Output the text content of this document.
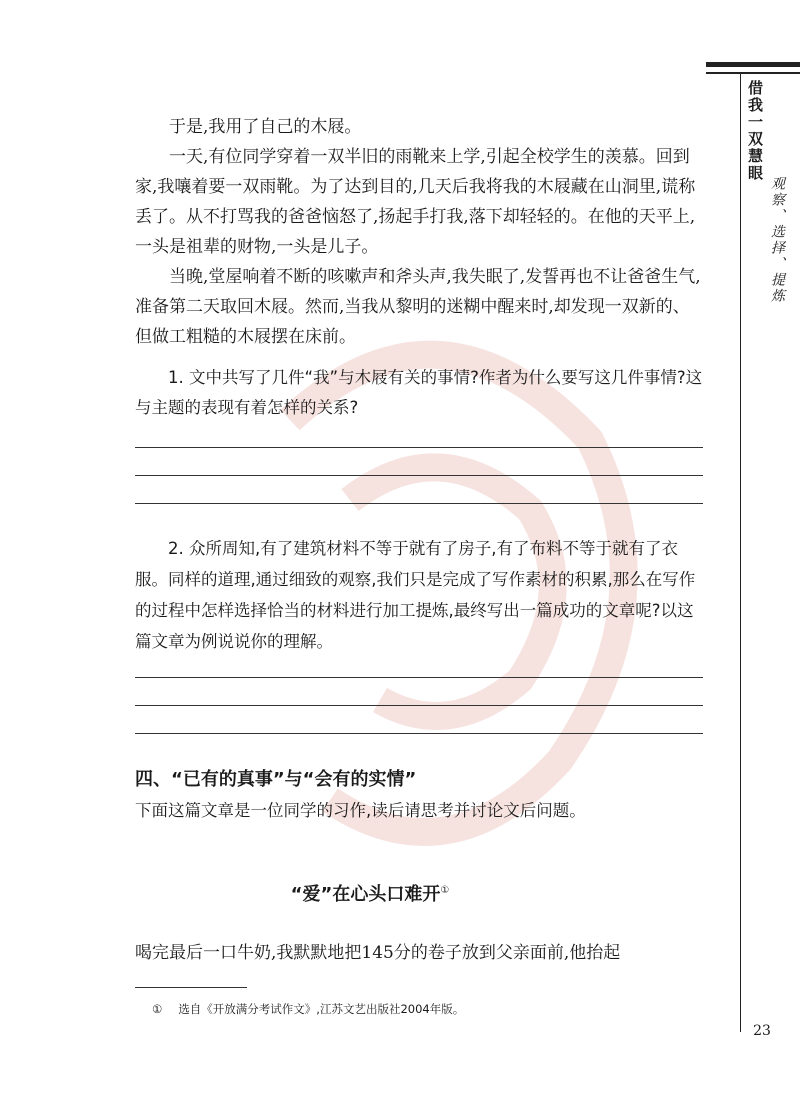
借我一双慧眼
观察、选择、提炼

于是,我用了自己的木屐。

一天,有位同学穿着一双半旧的雨靴来上学,引起全校学生的羡慕。回到家,我嚷着要一双雨靴。为了达到目的,几天后我将我的木屐藏在山洞里,谎称丢了。从不打骂我的爸爸恼怒了,扬起手打我,落下却轻轻的。在他的天平上,一头是祖辈的财物,一头是儿子。

当晚,堂屋响着不断的咳嗽声和斧头声,我失眠了,发誓再也不让爸爸生气,准备第二天取回木屐。然而,当我从黎明的迷糊中醒来时,却发现一双新的、但做工粗糙的木屐摆在床前。

1. 文中共写了几件“我”与木屐有关的事情?作者为什么要写这几件事情?这与主题的表现有着怎样的关系?

2. 众所周知,有了建筑材料不等于就有了房子,有了布料不等于就有了衣服。同样的道理,通过细致的观察,我们只是完成了写作素材的积累,那么在写作的过程中怎样选择恰当的材料进行加工提炼,最终写出一篇成功的文章呢?以这篇文章为例说说你的理解。

四、“已有的真事”与“会有的实情”
下面这篇文章是一位同学的习作,读后请思考并讨论文后问题。
“爱”在心头口难开①
喝完最后一口牛奶,我默默地把145分的卷子放到父亲面前,他抬起
① 选自《开放满分考试作文》,江苏文艺出版社2004年版。
23
